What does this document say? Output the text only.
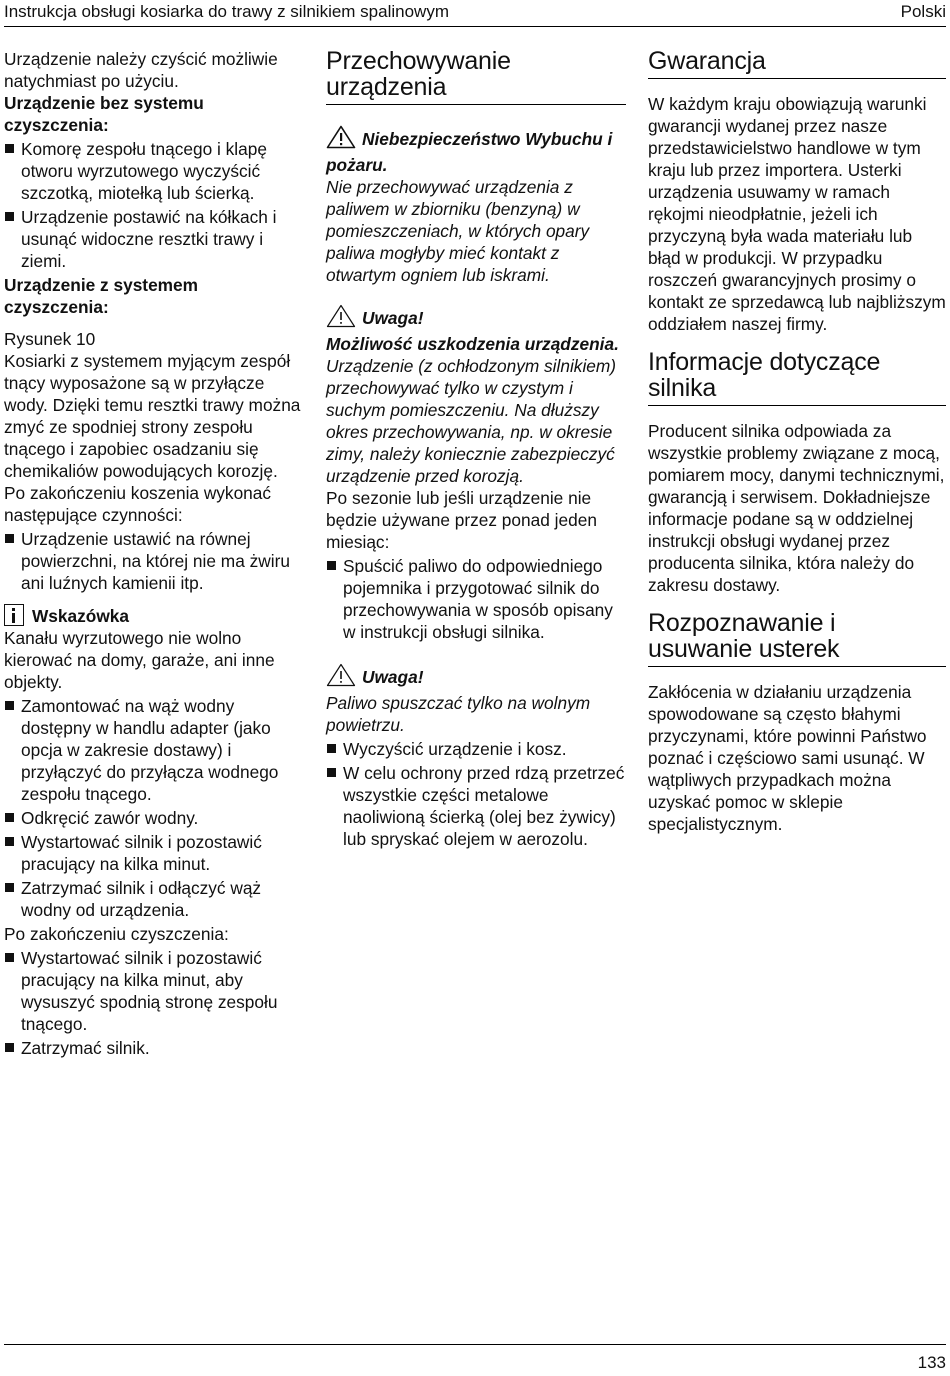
Instrukcja obsługi kosiarka do trawy z silnikiem spalinowym	Polski

Urządzenie należy czyścić możliwie natychmiast po użyciu.

Urządzenie bez systemu czyszczenia:

Komorę zespołu tnącego i klapę otworu wyrzutowego wyczyścić szczotką, miotełką lub ścierką.
Urządzenie postawić na kółkach i usunąć widoczne resztki trawy i ziemi.

Urządzenie z systemem czyszczenia:

Rysunek 10

Kosiarki z systemem myjącym zespół tnący wyposażone są w przyłącze wody. Dzięki temu resztki trawy można zmyć ze spodniej strony zespołu tnącego i zapobiec osadzaniu się chemikaliów powodujących korozję.

Po zakończeniu koszenia wykonać następujące czynności:

Urządzenie ustawić na równej powierzchni, na której nie ma żwiru ani luźnych kamienii itp.
Wskazówka

Kanału wyrzutowego nie wolno kierować na domy, garaże, ani inne objekty.

Zamontować na wąż wodny dostępny w handlu adapter (jako opcja w zakresie dostawy) i przyłączyć do przyłącza wodnego zespołu tnącego.
Odkręcić zawór wodny.
Wystartować silnik i pozostawić pracujący na kilka minut.
Zatrzymać silnik i odłączyć wąż wodny od urządzenia.

Po zakończeniu czyszczenia:

Wystartować silnik i pozostawić pracujący na kilka minut, aby wysuszyć spodnią stronę zespołu tnącego.
Zatrzymać silnik.
Przechowywanie urządzenia
Niebezpieczeństwo Wybuchu i pożaru.

Nie przechowywać urządzenia z paliwem w zbiorniku (benzyną) w pomieszczeniach, w których opary paliwa mogłyby mieć kontakt z otwartym ogniem lub iskrami.

Uwaga!

Możliwość uszkodzenia urządzenia.

Urządzenie (z ochłodzonym silnikiem) przechowywać tylko w czystym i suchym pomieszczeniu. Na dłuższy okres przechowywania, np. w okresie zimy, należy koniecznie zabezpieczyć urządzenie przed korozją.

Po sezonie lub jeśli urządzenie nie będzie używane przez ponad jeden miesiąc:

Spuścić paliwo do odpowiedniego pojemnika i przygotować silnik do przechowywania w sposób opisany w instrukcji obsługi silnika.
Uwaga!

Paliwo spuszczać tylko na wolnym powietrzu.

Wyczyścić urządzenie i kosz.
W celu ochrony przed rdzą przetrzeć wszystkie części metalowe naoliwioną ścierką (olej bez żywicy) lub spryskać olejem w aerozolu.
Gwarancja

W każdym kraju obowiązują warunki gwarancji wydanej przez nasze przedstawicielstwo handlowe w tym kraju lub przez importera. Usterki urządzenia usuwamy w ramach rękojmi nieodpłatnie, jeżeli ich przyczyną była wada materiału lub błąd w produkcji. W przypadku roszczeń gwarancyjnych prosimy o kontakt ze sprzedawcą lub najbliższym oddziałem naszej firmy.

Informacje dotyczące silnika

Producent silnika odpowiada za wszystkie problemy związane z mocą, pomiarem mocy, danymi technicznymi, gwarancją i serwisem. Dokładniejsze informacje podane są w oddzielnej instrukcji obsługi wydanej przez producenta silnika, która należy do zakresu dostawy.

Rozpoznawanie i usuwanie usterek

Zakłócenia w działaniu urządzenia spowodowane są często błahymi przyczynami, które powinni Państwo poznać i częściowo sami usunąć. W wątpliwych przypadkach można uzyskać pomoc w sklepie specjalistycznym.

133
